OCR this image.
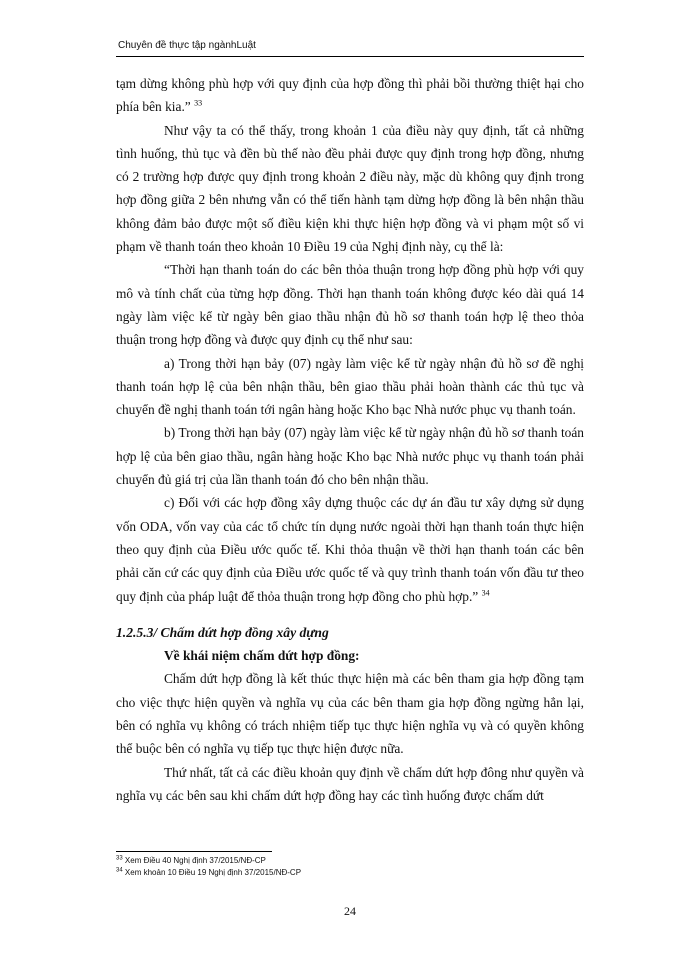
Chuyên đề thực tập ngànhLuật

tạm dừng không phù hợp với quy định của hợp đồng thì phải bồi thường thiệt hại cho phía bên kia.” $^{33}$

Như vậy ta có thể thấy, trong khoản 1 của điều này quy định, tất cả những tình huống, thủ tục và đền bù thế nào đều phải được quy định trong hợp đồng, nhưng có 2 trường hợp được quy định trong khoản 2 điều này, mặc dù không quy định trong hợp đồng giữa 2 bên nhưng vẫn có thể tiến hành tạm dừng hợp đồng là bên nhận thầu không đảm bảo được một số điều kiện khi thực hiện hợp đồng và vi phạm một số vi phạm về thanh toán theo khoản 10 Điều 19 của Nghị định này, cụ thể là:

“Thời hạn thanh toán do các bên thỏa thuận trong hợp đồng phù hợp với quy mô và tính chất của từng hợp đồng. Thời hạn thanh toán không được kéo dài quá 14 ngày làm việc kể từ ngày bên giao thầu nhận đủ hồ sơ thanh toán hợp lệ theo thỏa thuận trong hợp đồng và được quy định cụ thể như sau:

a) Trong thời hạn bảy (07) ngày làm việc kể từ ngày nhận đủ hồ sơ đề nghị thanh toán hợp lệ của bên nhận thầu, bên giao thầu phải hoàn thành các thủ tục và chuyển đề nghị thanh toán tới ngân hàng hoặc Kho bạc Nhà nước phục vụ thanh toán.

b) Trong thời hạn bảy (07) ngày làm việc kể từ ngày nhận đủ hồ sơ thanh toán hợp lệ của bên giao thầu, ngân hàng hoặc Kho bạc Nhà nước phục vụ thanh toán phải chuyển đủ giá trị của lần thanh toán đó cho bên nhận thầu.

c) Đối với các hợp đồng xây dựng thuộc các dự án đầu tư xây dựng sử dụng vốn ODA, vốn vay của các tổ chức tín dụng nước ngoài thời hạn thanh toán thực hiện theo quy định của Điều ước quốc tế. Khi thỏa thuận về thời hạn thanh toán các bên phải căn cứ các quy định của Điều ước quốc tế và quy trình thanh toán vốn đầu tư theo quy định của pháp luật để thỏa thuận trong hợp đồng cho phù hợp.” $^{34}$

1.2.5.3/ Chấm dứt hợp đồng xây dựng

Về khái niệm chấm dứt hợp đồng:

Chấm dứt hợp đồng là kết thúc thực hiện mà các bên tham gia hợp đồng tạm cho việc thực hiện quyền và nghĩa vụ của các bên tham gia hợp đồng ngừng hẳn lại, bên có nghĩa vụ không có trách nhiệm tiếp tục thực hiện nghĩa vụ và có quyền không thể buộc bên có nghĩa vụ tiếp tục thực hiện được nữa.

Thứ nhất, tất cả các điều khoản quy định về chấm dứt hợp đông như quyền và nghĩa vụ các bên sau khi chấm dứt hợp đồng hay các tình huống được chấm dứt

$^{33}$ Xem Điều 40 Nghị định 37/2015/NĐ-CP
$^{34}$ Xem khoản 10 Điều 19 Nghị định 37/2015/NĐ-CP
24
